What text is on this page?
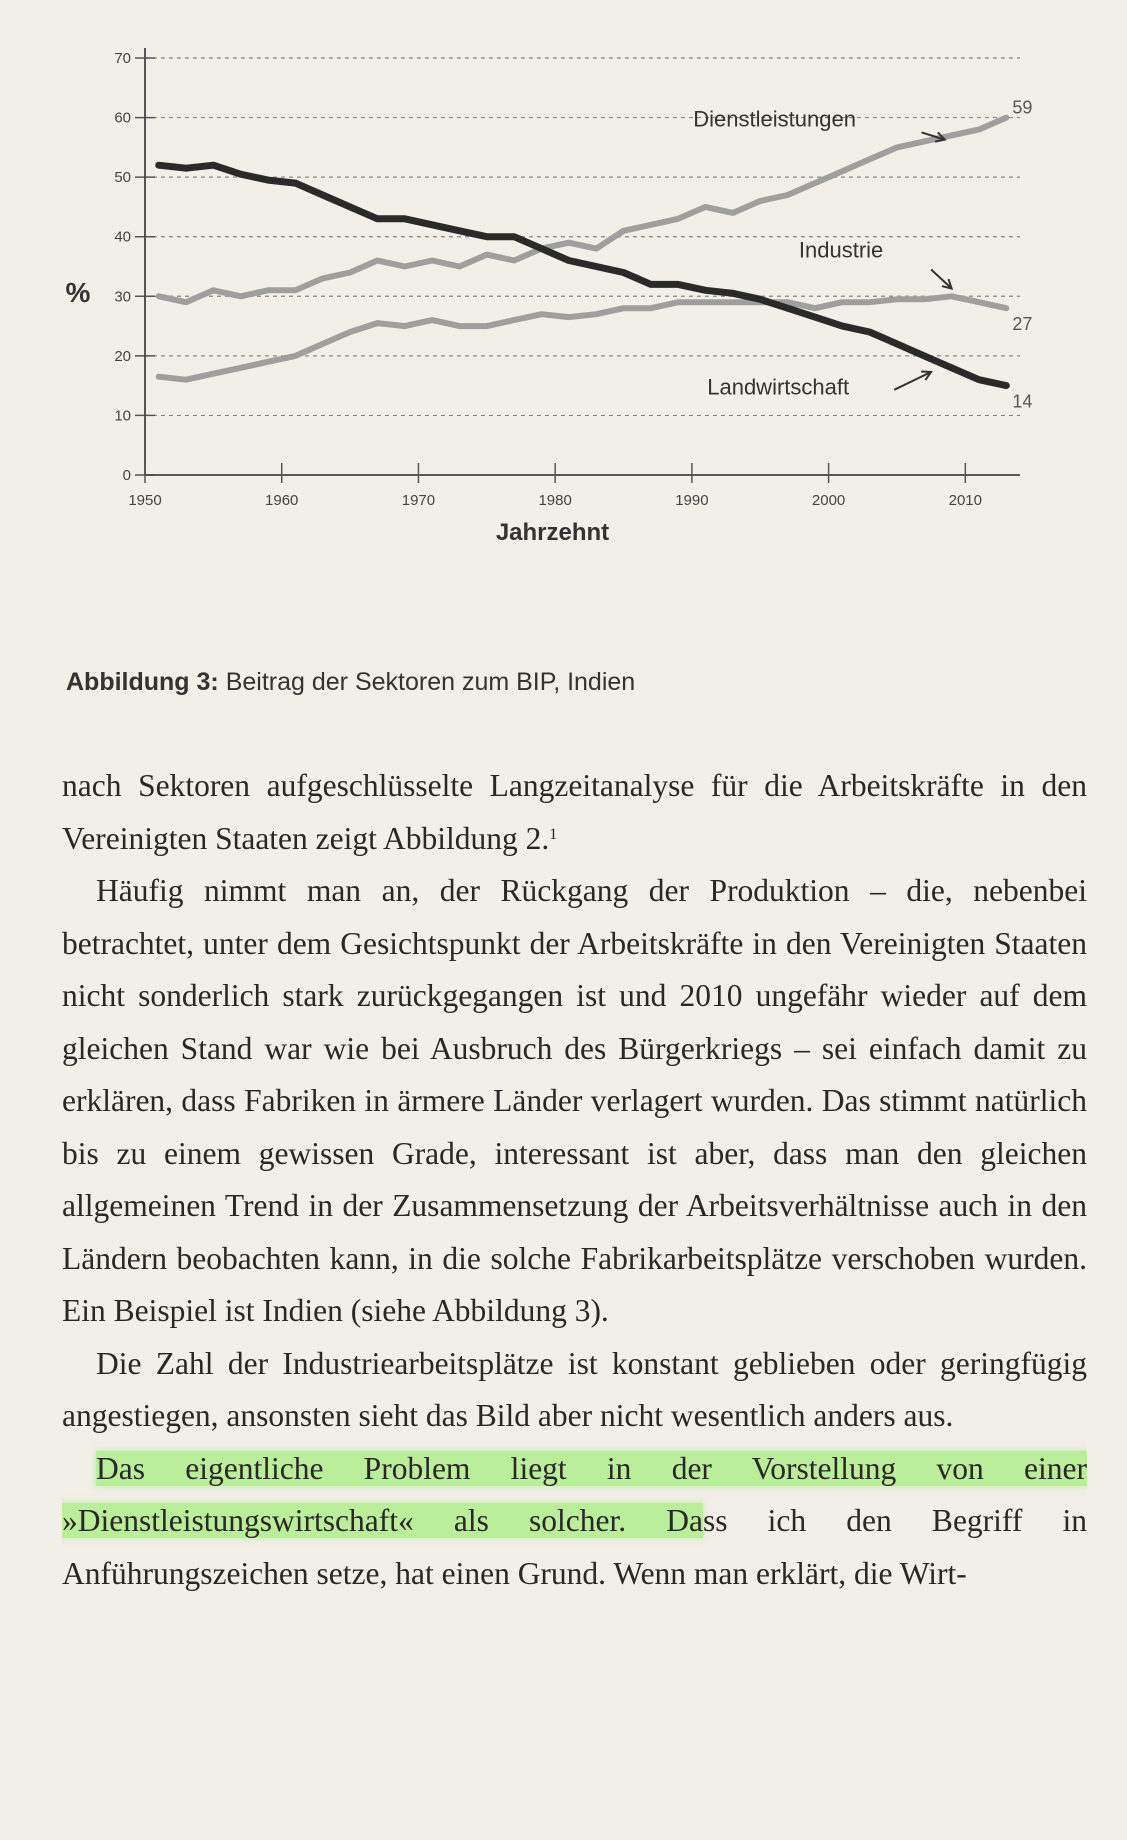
0
10
20
30
40
50
60
70
1950	1960	1970	1980	1990	2000	2010
Jahrzehnt
%
59
27
14
Dienstleistungen
Industrie
Landwirtschaft
Abbildung 3: Beitrag der Sektoren zum BIP, Indien

nach Sektoren aufgeschlüsselte Langzeitanalyse für die Arbeitskräfte in den Vereinigten Staaten zeigt Abbildung 2.$^1$

Häufig nimmt man an, der Rückgang der Produktion – die, nebenbei betrachtet, unter dem Gesichtspunkt der Arbeitskräfte in den Vereinigten Staaten nicht sonderlich stark zurückgegangen ist und 2010 ungefähr wieder auf dem gleichen Stand war wie bei Ausbruch des Bürgerkriegs – sei einfach damit zu erklären, dass Fabriken in ärmere Länder verlagert wurden. Das stimmt natürlich bis zu einem gewissen Grade, interessant ist aber, dass man den gleichen allgemeinen Trend in der Zusammensetzung der Arbeitsverhältnisse auch in den Ländern beobachten kann, in die solche Fabrikarbeitsplätze verschoben wurden. Ein Beispiel ist Indien (siehe Abbildung 3).

Die Zahl der Industriearbeitsplätze ist konstant geblieben oder geringfügig angestiegen, ansonsten sieht das Bild aber nicht wesentlich anders aus.

Das eigentliche Problem liegt in der Vorstellung von einer »Dienstleistungswirtschaft« als solcher. Dass ich den Begriff in Anführungszeichen setze, hat einen Grund. Wenn man erklärt, die Wirt-
